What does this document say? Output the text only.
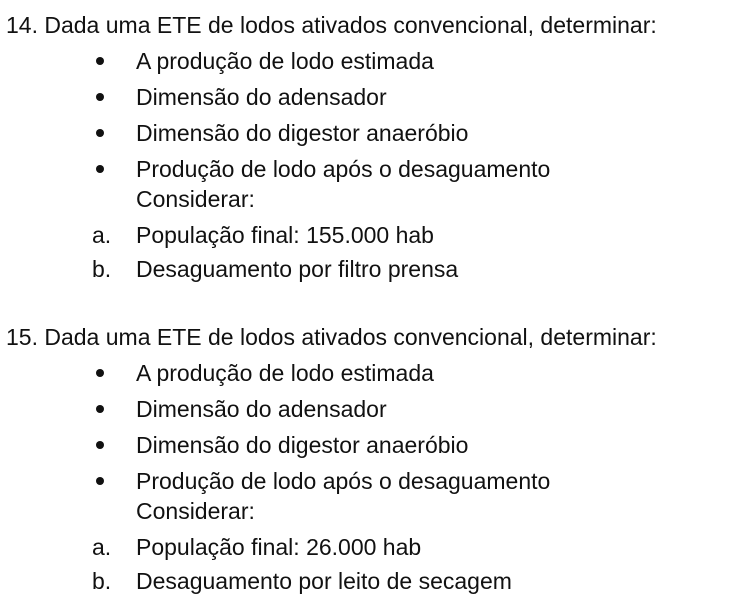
14. Dada uma ETE de lodos ativados convencional, determinar:
A produção de lodo estimada
Dimensão do adensador
Dimensão do digestor anaeróbio
Produção de lodo após o desaguamento
Considerar:
a. População final: 155.000 hab
b. Desaguamento por filtro prensa
15. Dada uma ETE de lodos ativados convencional, determinar:
A produção de lodo estimada
Dimensão do adensador
Dimensão do digestor anaeróbio
Produção de lodo após o desaguamento
Considerar:
a. População final: 26.000 hab
b. Desaguamento por leito de secagem
